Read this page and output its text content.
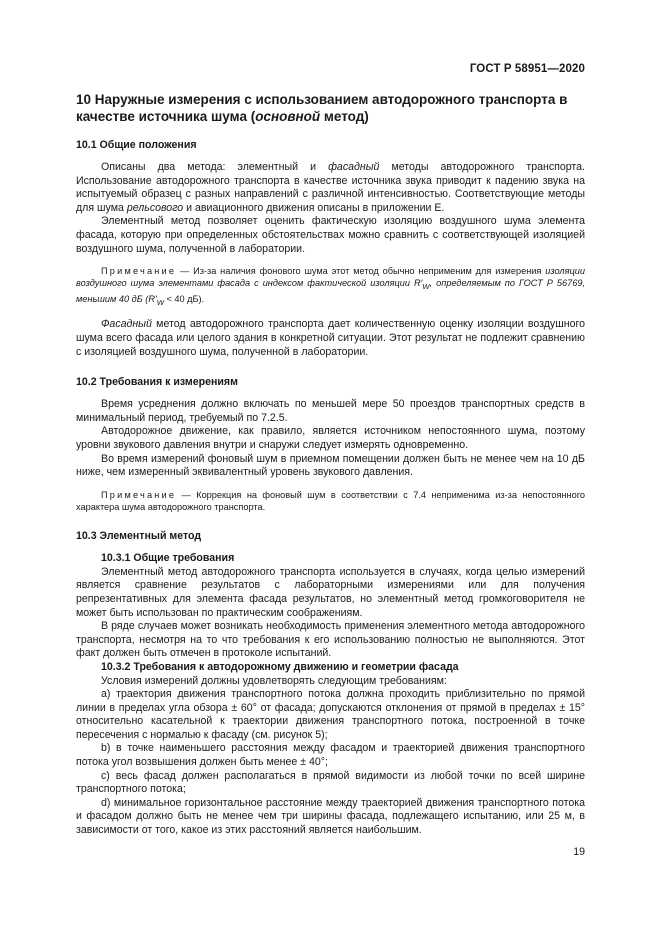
ГОСТ Р 58951—2020
10 Наружные измерения с использованием автодорожного транспорта в качестве источника шума (основной метод)
10.1 Общие положения

Описаны два метода: элементный и фасадный методы автодорожного транспорта. Использование автодорожного транспорта в качестве источника звука приводит к падению звука на испытуемый образец с разных направлений с различной интенсивностью. Соответствующие методы для шума рельсового и авиационного движения описаны в приложении Е.

Элементный метод позволяет оценить фактическую изоляцию воздушного шума элемента фасада, которую при определенных обстоятельствах можно сравнить с соответствующей изоляцией воздушного шума, полученной в лаборатории.

Примечание — Из-за наличия фонового шума этот метод обычно неприменим для измерения изоляции воздушного шума элементами фасада с индексом фактической изоляции $R'_W$, определяемым по ГОСТ Р 56769, меньшим 40 дБ ($R'_W < 40$ дБ).

Фасадный метод автодорожного транспорта дает количественную оценку изоляции воздушного шума всего фасада или целого здания в конкретной ситуации. Этот результат не подлежит сравнению с изоляцией воздушного шума, полученной в лаборатории.

10.2 Требования к измерениям

Время усреднения должно включать по меньшей мере 50 проездов транспортных средств в минимальный период, требуемый по 7.2.5.

Автодорожное движение, как правило, является источником непостоянного шума, поэтому уровни звукового давления внутри и снаружи следует измерять одновременно.

Во время измерений фоновый шум в приемном помещении должен быть не менее чем на 10 дБ ниже, чем измеренный эквивалентный уровень звукового давления.

Примечание — Коррекция на фоновый шум в соответствии с 7.4 неприменима из-за непостоянного характера шума автодорожного транспорта.

10.3 Элементный метод
10.3.1 Общие требования

Элементный метод автодорожного транспорта используется в случаях, когда целью измерений является сравнение результатов с лабораторными измерениями или для получения репрезентативных для элемента фасада результатов, но элементный метод громкоговорителя не может быть использован по практическим соображениям.

В ряде случаев может возникать необходимость применения элементного метода автодорожного транспорта, несмотря на то что требования к его использованию полностью не выполняются. Этот факт должен быть отмечен в протоколе испытаний.

10.3.2 Требования к автодорожному движению и геометрии фасада

Условия измерений должны удовлетворять следующим требованиям:

а) траектория движения транспортного потока должна проходить приблизительно по прямой линии в пределах угла обзора ± 60° от фасада; допускаются отклонения от прямой в пределах ± 15° относительно касательной к траектории движения транспортного потока, построенной в точке пересечения с нормалью к фасаду (см. рисунок 5);

b) в точке наименьшего расстояния между фасадом и траекторией движения транспортного потока угол возвышения должен быть менее ± 40°;

c) весь фасад должен располагаться в прямой видимости из любой точки по всей ширине транспортного потока;

d) минимальное горизонтальное расстояние между траекторией движения транспортного потока и фасадом должно быть не менее чем три ширины фасада, подлежащего испытанию, или 25 м, в зависимости от того, какое из этих расстояний является наибольшим.

19
